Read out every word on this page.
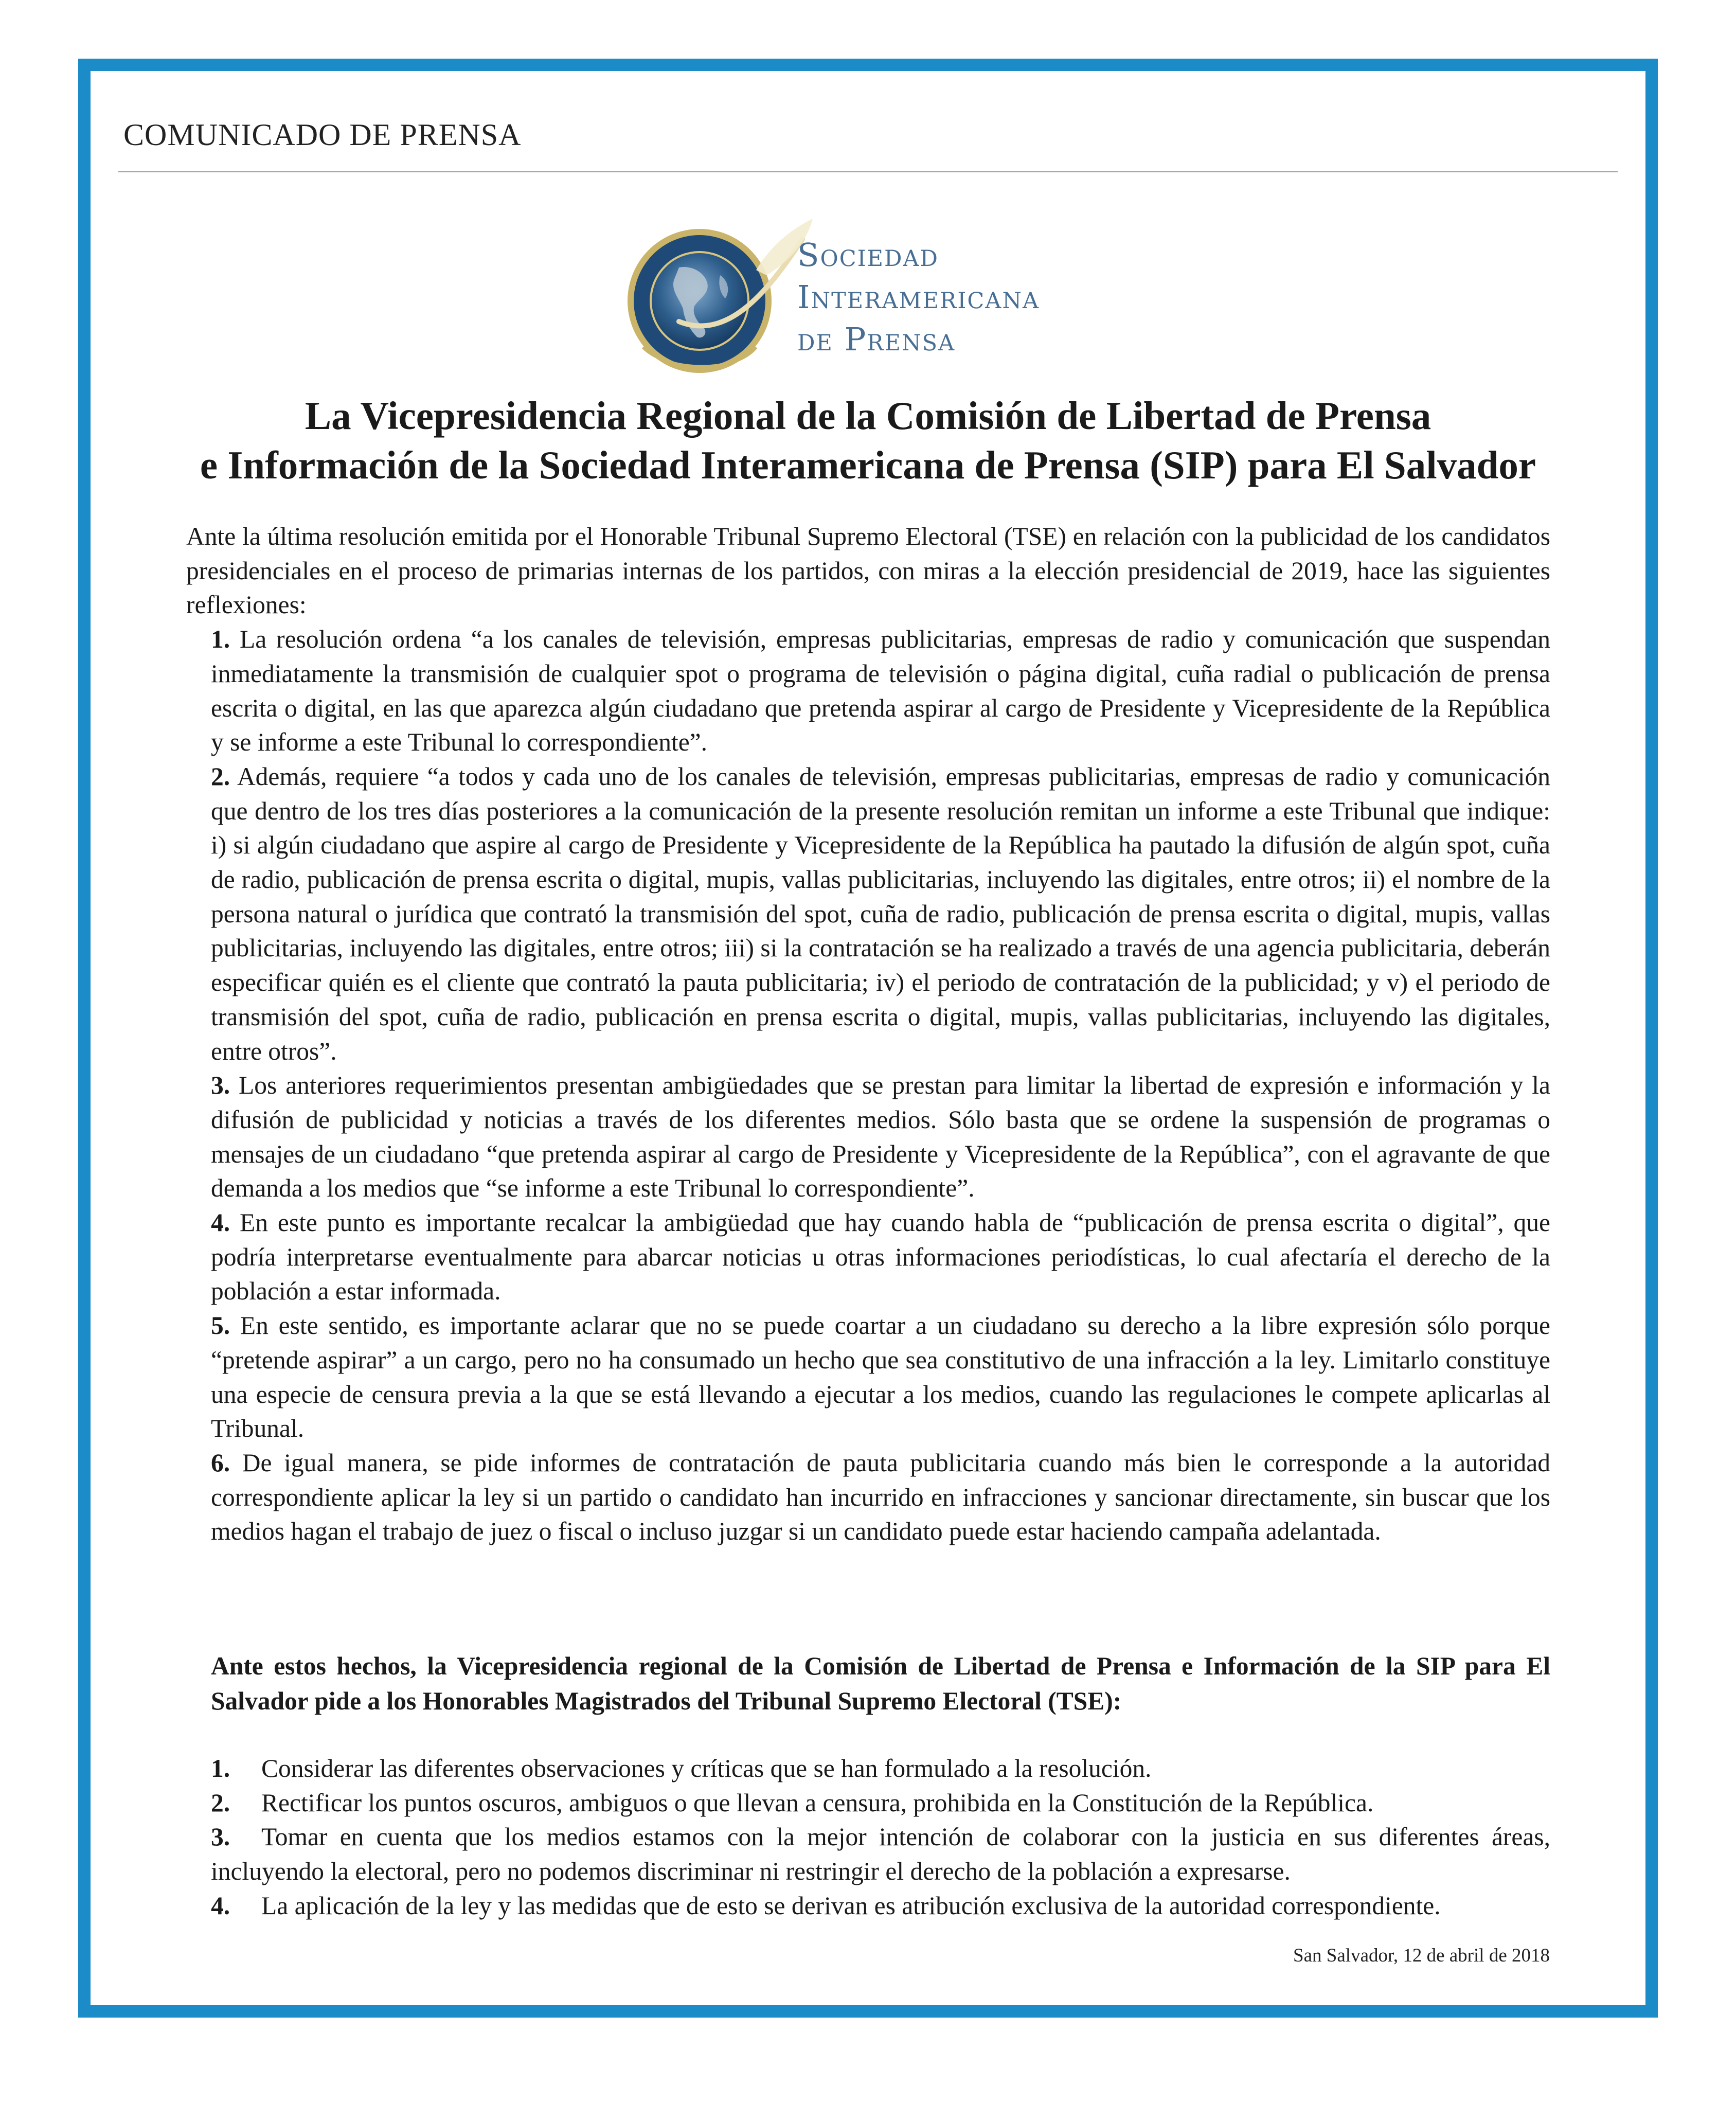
COMUNICADO DE PRENSA
Sociedad
Interamericana
de Prensa
La Vicepresidencia Regional de la Comisión de Libertad de Prensa
e Información de la Sociedad Interamericana de Prensa (SIP) para El Salvador

Ante la última resolución emitida por el Honorable Tribunal Supremo Electoral (TSE) en relación con la publicidad de los candidatos presidenciales en el proceso de primarias internas de los partidos, con miras a la elección presidencial de 2019, hace las siguientes reflexiones:

1. La resolución ordena “a los canales de televisión, empresas publicitarias, empresas de radio y comunicación que suspendan inmediatamente la transmisión de cualquier spot o programa de televisión o página digital, cuña radial o publicación de prensa escrita o digital, en las que aparezca algún ciudadano que pretenda aspirar al cargo de Presidente y Vicepresidente de la República y se informe a este Tribunal lo correspondiente”.

2. Además, requiere “a todos y cada uno de los canales de televisión, empresas publicitarias, empresas de radio y comunicación que dentro de los tres días posteriores a la comunicación de la presente resolución remitan un informe a este Tribunal que indique: i) si algún ciudadano que aspire al cargo de Presidente y Vicepresidente de la República ha pautado la difusión de algún spot, cuña de radio, publicación de prensa escrita o digital, mupis, vallas publicitarias, incluyendo las digitales, entre otros; ii) el nombre de la persona natural o jurídica que contrató la transmisión del spot, cuña de radio, publicación de prensa escrita o digital, mupis, vallas publicitarias, incluyendo las digitales, entre otros; iii) si la contratación se ha realizado a través de una agencia publicitaria, deberán especificar quién es el cliente que contrató la pauta publicitaria; iv) el periodo de contratación de la publicidad; y v) el periodo de transmisión del spot, cuña de radio, publicación en prensa escrita o digital, mupis, vallas publicitarias, incluyendo las digitales, entre otros”.

3. Los anteriores requerimientos presentan ambigüedades que se prestan para limitar la libertad de expresión e información y la difusión de publicidad y noticias a través de los diferentes medios. Sólo basta que se ordene la suspensión de programas o mensajes de un ciudadano “que pretenda aspirar al cargo de Presidente y Vicepresidente de la República”, con el agravante de que demanda a los medios que “se informe a este Tribunal lo correspondiente”.

4. En este punto es importante recalcar la ambigüedad que hay cuando habla de “publicación de prensa escrita o digital”, que podría interpretarse eventualmente para abarcar noticias u otras informaciones periodísticas, lo cual afectaría el derecho de la población a estar informada.

5. En este sentido, es importante aclarar que no se puede coartar a un ciudadano su derecho a la libre expresión sólo porque “pretende aspirar” a un cargo, pero no ha consumado un hecho que sea constitutivo de una infracción a la ley. Limitarlo constituye una especie de censura previa a la que se está llevando a ejecutar a los medios, cuando las regulaciones le compete aplicarlas al Tribunal.

6. De igual manera, se pide informes de contratación de pauta publicitaria cuando más bien le corresponde a la autoridad correspondiente aplicar la ley si un partido o candidato han incurrido en infracciones y sancionar directamente, sin buscar que los medios hagan el trabajo de juez o fiscal o incluso juzgar si un candidato puede estar haciendo campaña adelantada.

Ante estos hechos, la Vicepresidencia regional de la Comisión de Libertad de Prensa e Información de la SIP para El Salvador pide a los Honorables Magistrados del Tribunal Supremo Electoral (TSE):

1. Considerar las diferentes observaciones y críticas que se han formulado a la resolución.

2. Rectificar los puntos oscuros, ambiguos o que llevan a censura, prohibida en la Constitución de la República.

3. Tomar en cuenta que los medios estamos con la mejor intención de colaborar con la justicia en sus diferentes áreas, incluyendo la electoral, pero no podemos discriminar ni restringir el derecho de la población a expresarse.

4. La aplicación de la ley y las medidas que de esto se derivan es atribución exclusiva de la autoridad correspondiente.

San Salvador, 12 de abril de 2018
